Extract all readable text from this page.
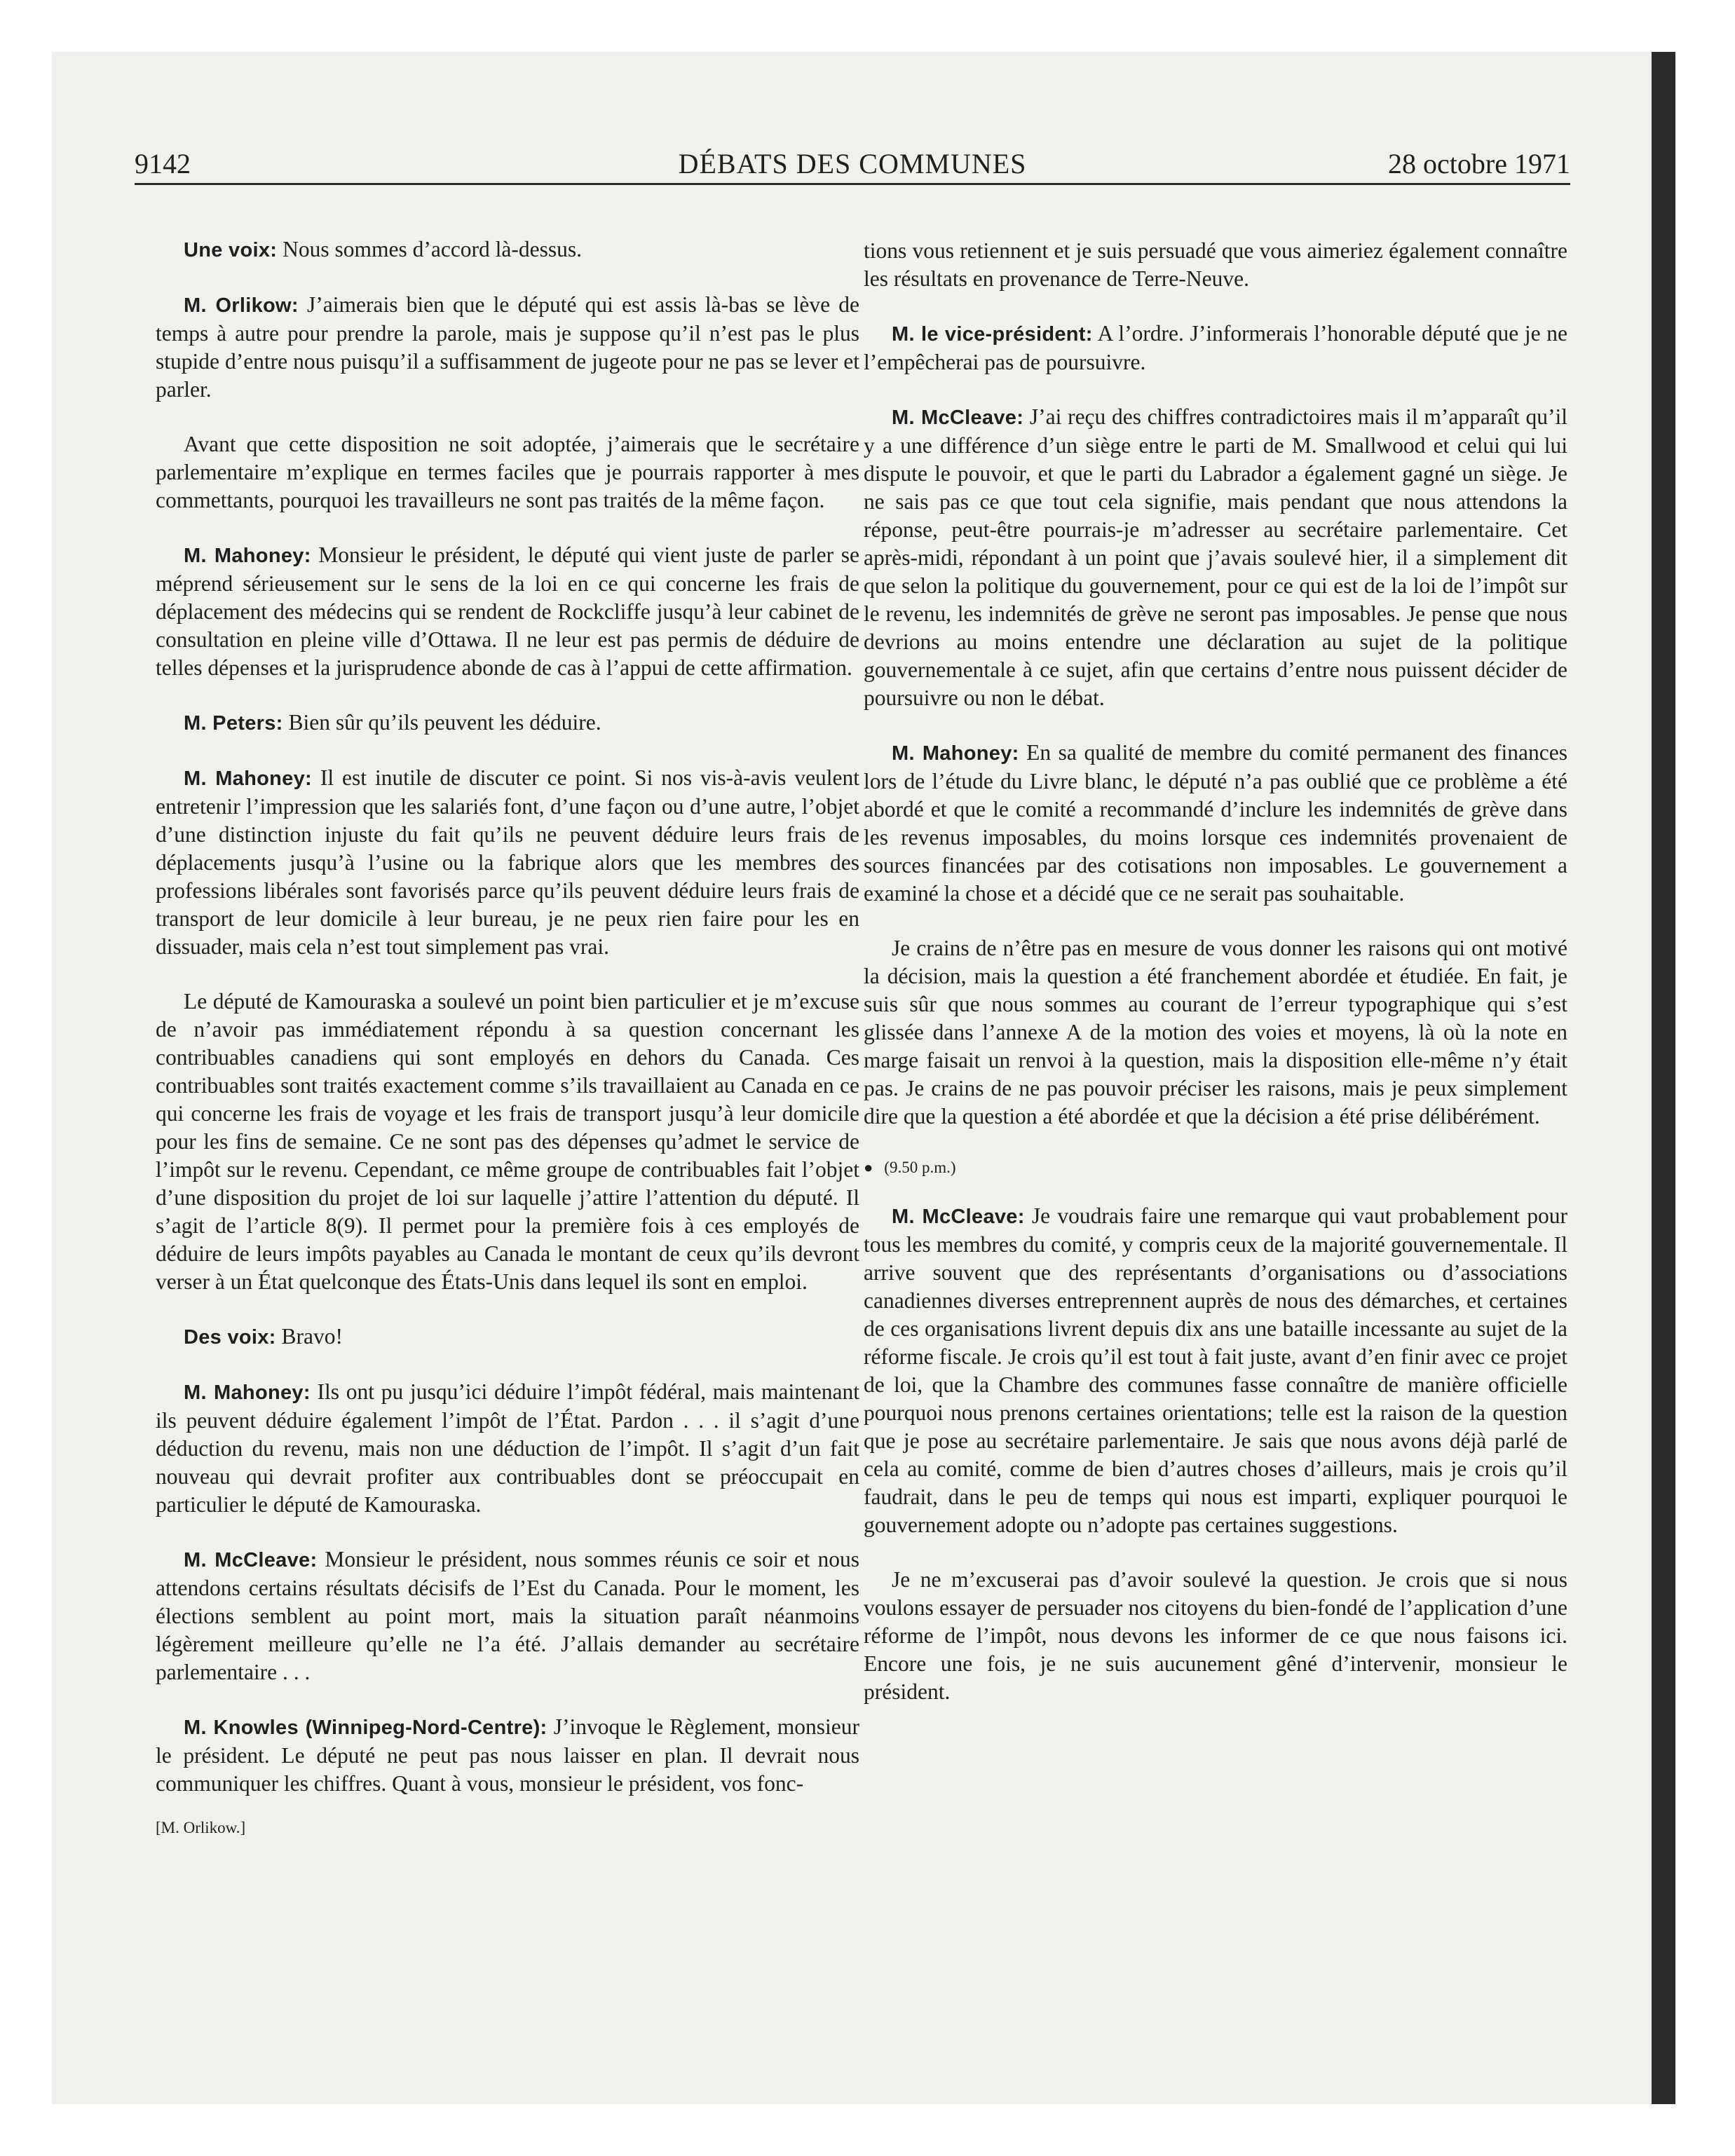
9142	DÉBATS DES COMMUNES	28 octobre 1971

Une voix: Nous sommes d’accord là-dessus.

M. Orlikow: J’aimerais bien que le député qui est assis là-bas se lève de temps à autre pour prendre la parole, mais je suppose qu’il n’est pas le plus stupide d’entre nous puisqu’il a suffisamment de jugeote pour ne pas se lever et parler.

Avant que cette disposition ne soit adoptée, j’aimerais que le secrétaire parlementaire m’explique en termes faciles que je pourrais rapporter à mes commettants, pourquoi les travailleurs ne sont pas traités de la même façon.

M. Mahoney: Monsieur le président, le député qui vient juste de parler se méprend sérieusement sur le sens de la loi en ce qui concerne les frais de déplacement des médecins qui se rendent de Rockcliffe jusqu’à leur cabinet de consultation en pleine ville d’Ottawa. Il ne leur est pas permis de déduire de telles dépenses et la jurisprudence abonde de cas à l’appui de cette affirmation.

M. Peters: Bien sûr qu’ils peuvent les déduire.

M. Mahoney: Il est inutile de discuter ce point. Si nos vis-à-avis veulent entretenir l’impression que les salariés font, d’une façon ou d’une autre, l’objet d’une distinction injuste du fait qu’ils ne peuvent déduire leurs frais de déplacements jusqu’à l’usine ou la fabrique alors que les membres des professions libérales sont favorisés parce qu’ils peuvent déduire leurs frais de transport de leur domicile à leur bureau, je ne peux rien faire pour les en dissuader, mais cela n’est tout simplement pas vrai.

Le député de Kamouraska a soulevé un point bien particulier et je m’excuse de n’avoir pas immédiatement répondu à sa question concernant les contribuables canadiens qui sont employés en dehors du Canada. Ces contribuables sont traités exactement comme s’ils travaillaient au Canada en ce qui concerne les frais de voyage et les frais de transport jusqu’à leur domicile pour les fins de semaine. Ce ne sont pas des dépenses qu’admet le service de l’impôt sur le revenu. Cependant, ce même groupe de contribuables fait l’objet d’une disposition du projet de loi sur laquelle j’attire l’attention du député. Il s’agit de l’article 8(9). Il permet pour la première fois à ces employés de déduire de leurs impôts payables au Canada le montant de ceux qu’ils devront verser à un État quelconque des États-Unis dans lequel ils sont en emploi.

Des voix: Bravo!

M. Mahoney: Ils ont pu jusqu’ici déduire l’impôt fédéral, mais maintenant ils peuvent déduire également l’impôt de l’État. Pardon . . . il s’agit d’une déduction du revenu, mais non une déduction de l’impôt. Il s’agit d’un fait nouveau qui devrait profiter aux contribuables dont se préoccupait en particulier le député de Kamouraska.

M. McCleave: Monsieur le président, nous sommes réunis ce soir et nous attendons certains résultats décisifs de l’Est du Canada. Pour le moment, les élections semblent au point mort, mais la situation paraît néanmoins légèrement meilleure qu’elle ne l’a été. J’allais demander au secrétaire parlementaire . . .

M. Knowles (Winnipeg-Nord-Centre): J’invoque le Règlement, monsieur le président. Le député ne peut pas nous laisser en plan. Il devrait nous communiquer les chiffres. Quant à vous, monsieur le président, vos fonc-

[M. Orlikow.]

tions vous retiennent et je suis persuadé que vous aimeriez également connaître les résultats en provenance de Terre-Neuve.

M. le vice-président: A l’ordre. J’informerais l’honorable député que je ne l’empêcherai pas de poursuivre.

M. McCleave: J’ai reçu des chiffres contradictoires mais il m’apparaît qu’il y a une différence d’un siège entre le parti de M. Smallwood et celui qui lui dispute le pouvoir, et que le parti du Labrador a également gagné un siège. Je ne sais pas ce que tout cela signifie, mais pendant que nous attendons la réponse, peut-être pourrais-je m’adresser au secrétaire parlementaire. Cet après-midi, répondant à un point que j’avais soulevé hier, il a simplement dit que selon la politique du gouvernement, pour ce qui est de la loi de l’impôt sur le revenu, les indemnités de grève ne seront pas imposables. Je pense que nous devrions au moins entendre une déclaration au sujet de la politique gouvernementale à ce sujet, afin que certains d’entre nous puissent décider de poursuivre ou non le débat.

M. Mahoney: En sa qualité de membre du comité permanent des finances lors de l’étude du Livre blanc, le député n’a pas oublié que ce problème a été abordé et que le comité a recommandé d’inclure les indemnités de grève dans les revenus imposables, du moins lorsque ces indemnités provenaient de sources financées par des cotisations non imposables. Le gouvernement a examiné la chose et a décidé que ce ne serait pas souhaitable.

Je crains de n’être pas en mesure de vous donner les raisons qui ont motivé la décision, mais la question a été franchement abordée et étudiée. En fait, je suis sûr que nous sommes au courant de l’erreur typographique qui s’est glissée dans l’annexe A de la motion des voies et moyens, là où la note en marge faisait un renvoi à la question, mais la disposition elle-même n’y était pas. Je crains de ne pas pouvoir préciser les raisons, mais je peux simplement dire que la question a été abordée et que la décision a été prise délibérément.

● (9.50 p.m.)

M. McCleave: Je voudrais faire une remarque qui vaut probablement pour tous les membres du comité, y compris ceux de la majorité gouvernementale. Il arrive souvent que des représentants d’organisations ou d’associations canadiennes diverses entreprennent auprès de nous des démarches, et certaines de ces organisations livrent depuis dix ans une bataille incessante au sujet de la réforme fiscale. Je crois qu’il est tout à fait juste, avant d’en finir avec ce projet de loi, que la Chambre des communes fasse connaître de manière officielle pourquoi nous prenons certaines orientations; telle est la raison de la question que je pose au secrétaire parlementaire. Je sais que nous avons déjà parlé de cela au comité, comme de bien d’autres choses d’ailleurs, mais je crois qu’il faudrait, dans le peu de temps qui nous est imparti, expliquer pourquoi le gouvernement adopte ou n’adopte pas certaines suggestions.

Je ne m’excuserai pas d’avoir soulevé la question. Je crois que si nous voulons essayer de persuader nos citoyens du bien-fondé de l’application d’une réforme de l’impôt, nous devons les informer de ce que nous faisons ici. Encore une fois, je ne suis aucunement gêné d’intervenir, monsieur le président.
